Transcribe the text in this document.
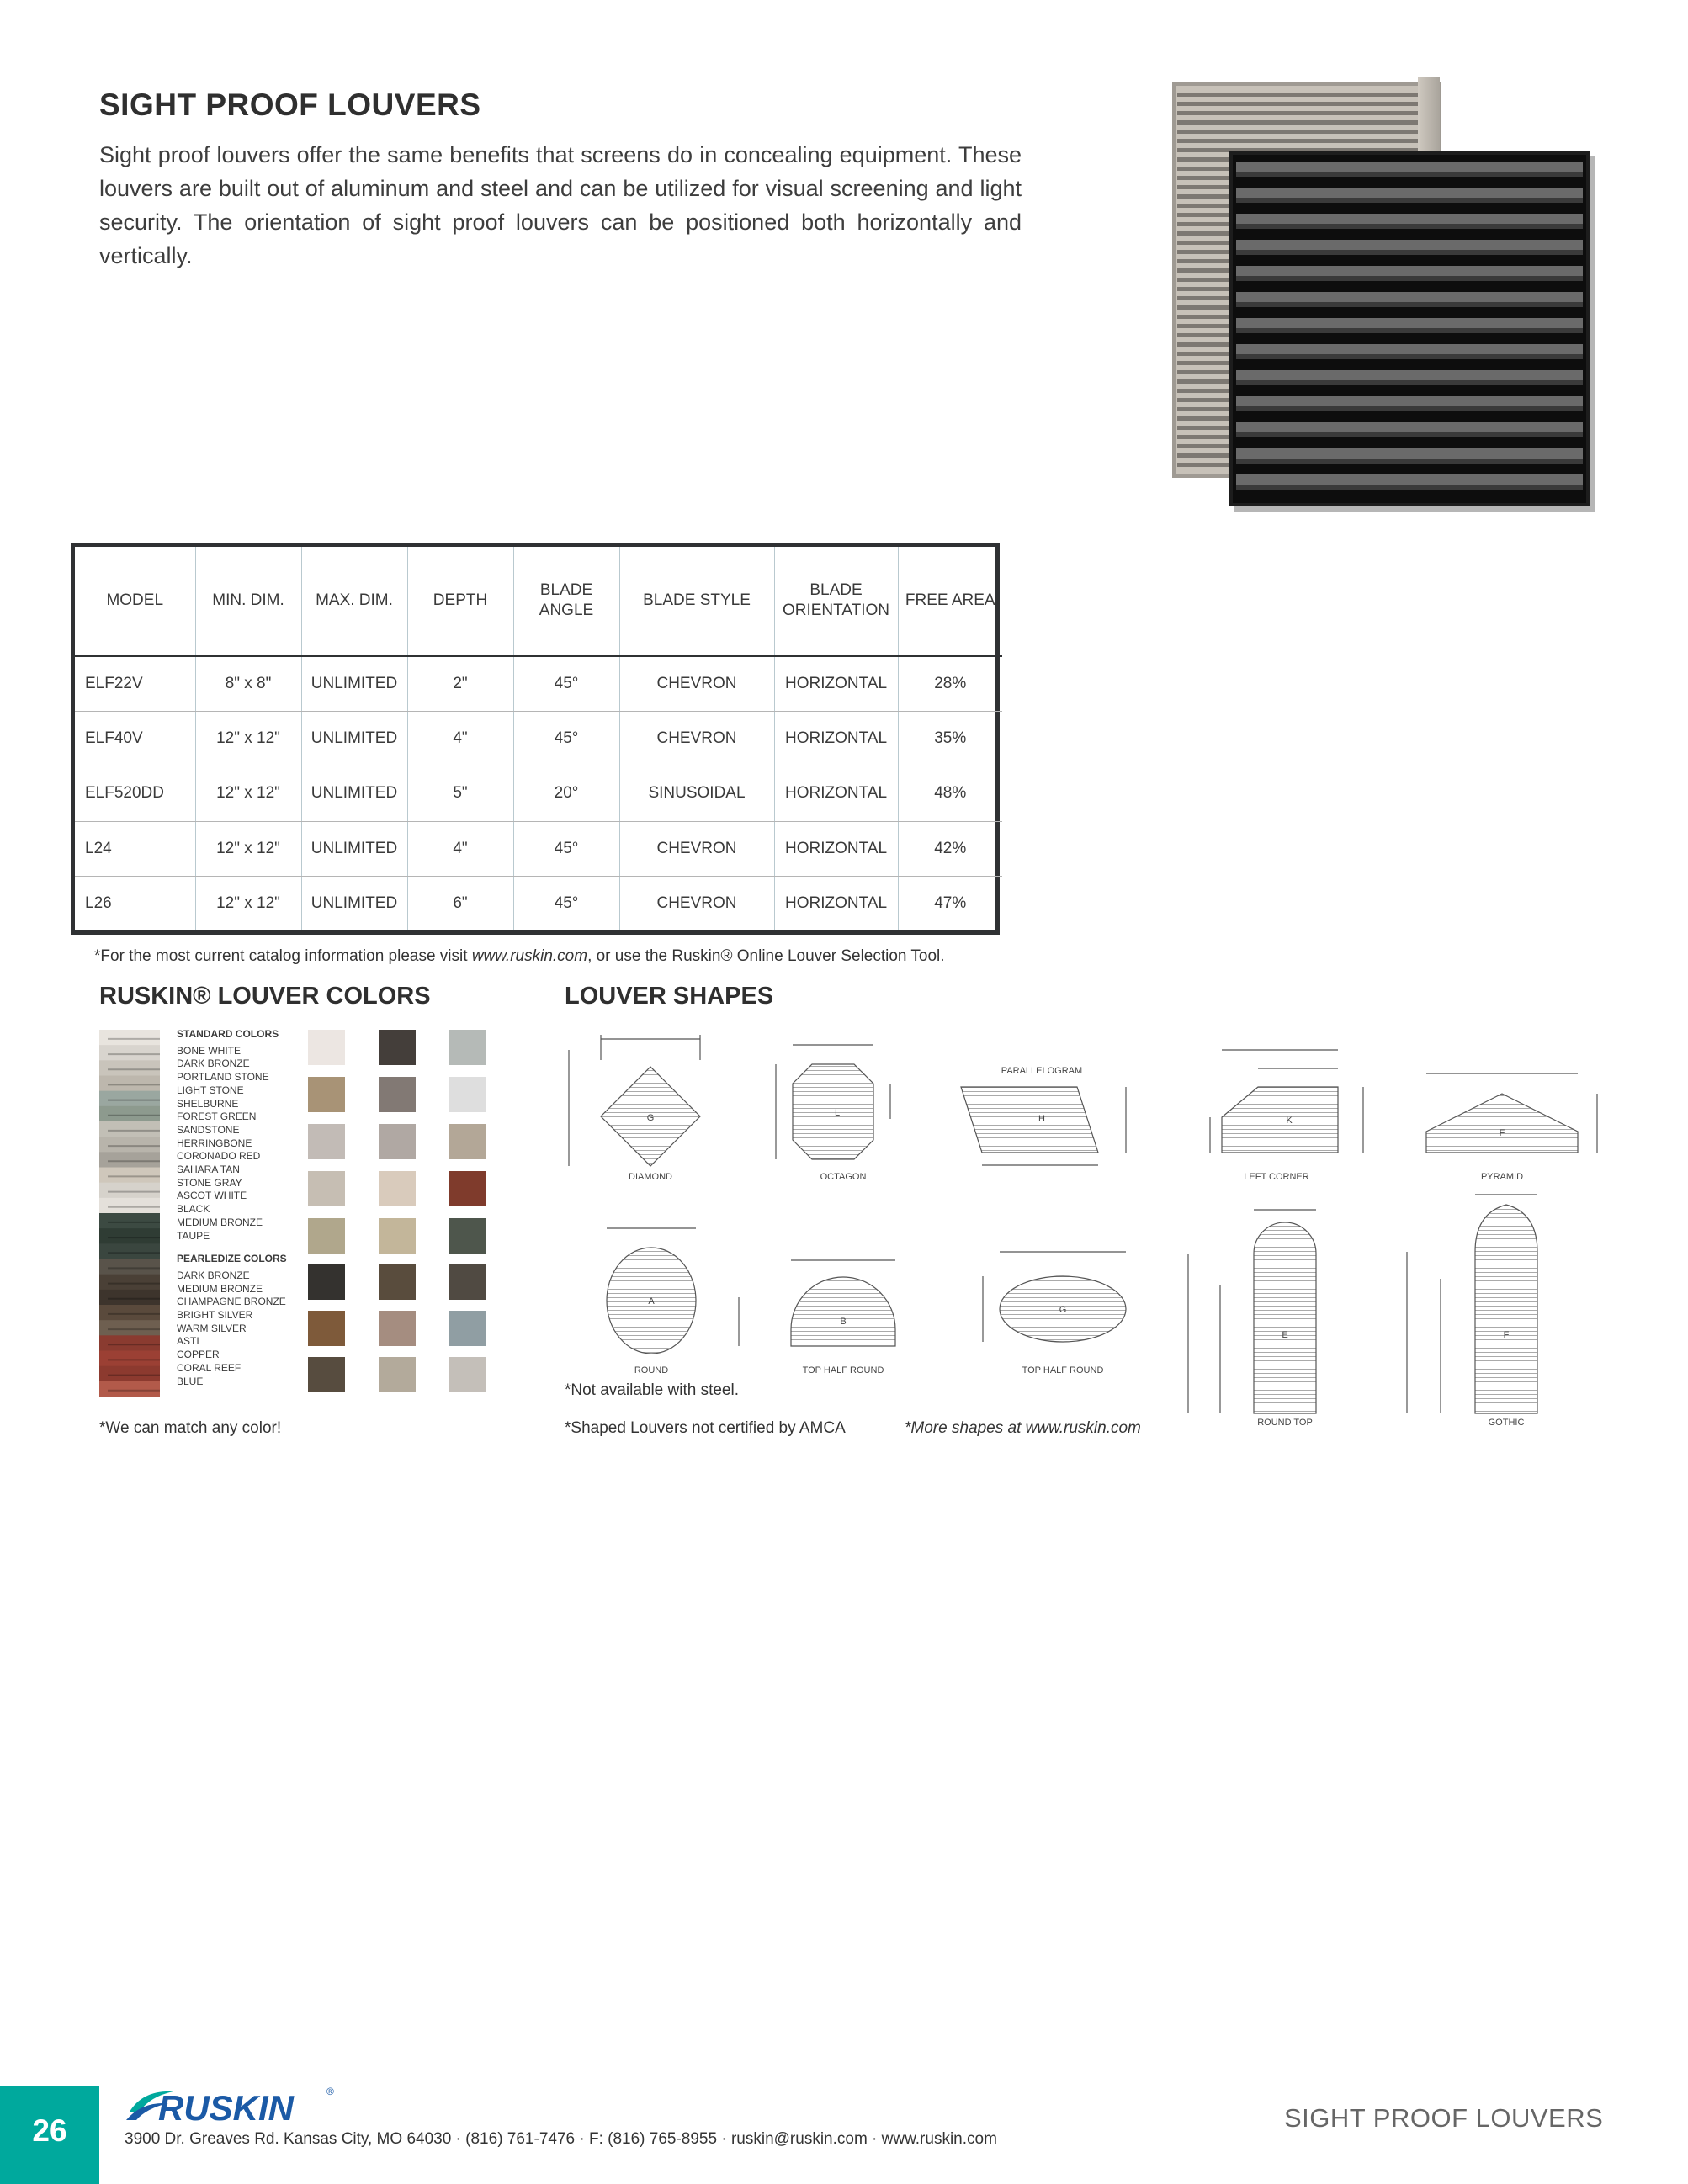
SIGHT PROOF LOUVERS

Sight proof louvers offer the same benefits that screens do in concealing equipment. These louvers are built out of aluminum and steel and can be utilized for visual screening and light security. The orientation of sight proof louvers can be positioned both horizontally and vertically.

MODEL	MIN. DIM.	MAX. DIM.	DEPTH	BLADE ANGLE	BLADE STYLE	BLADE ORIENTATION	FREE AREA
ELF22V	8" x 8"	UNLIMITED	2"	45°	CHEVRON	HORIZONTAL	28%
ELF40V	12" x 12"	UNLIMITED	4"	45°	CHEVRON	HORIZONTAL	35%
ELF520DD	12" x 12"	UNLIMITED	5"	20°	SINUSOIDAL	HORIZONTAL	48%
L24	12" x 12"	UNLIMITED	4"	45°	CHEVRON	HORIZONTAL	42%
L26	12" x 12"	UNLIMITED	6"	45°	CHEVRON	HORIZONTAL	47%
*For the most current catalog information please visit www.ruskin.com, or use the Ruskin® Online Louver Selection Tool.
RUSKIN® LOUVER COLORS
STANDARD COLORS
BONE WHITE
DARK BRONZE
PORTLAND STONE
LIGHT STONE
SHELBURNE
FOREST GREEN
SANDSTONE
HERRINGBONE
CORONADO RED
SAHARA TAN
STONE GRAY
ASCOT WHITE
BLACK
MEDIUM BRONZE
TAUPE
PEARLEDIZE COLORS
DARK BRONZE
MEDIUM BRONZE
CHAMPAGNE BRONZE
BRIGHT SILVER
WARM SILVER
ASTI
COPPER
CORAL REEF
BLUE
*We can match any color!
LOUVER SHAPES
G
DIAMOND
L
OCTAGON
H
PARALLELOGRAM
K
LEFT CORNER
F
PYRAMID
A
ROUND
B
TOP HALF ROUND
G
TOP HALF ROUND
E
ROUND TOP
F
GOTHIC
*Not available with steel.
*Shaped Louvers not certified by AMCA	*More shapes at www.ruskin.com
26
RUSKIN	®
3900 Dr. Greaves Rd. Kansas City, MO 64030 · (816) 761-7476 · F: (816) 765-8955 · ruskin@ruskin.com · www.ruskin.com
SIGHT PROOF LOUVERS
